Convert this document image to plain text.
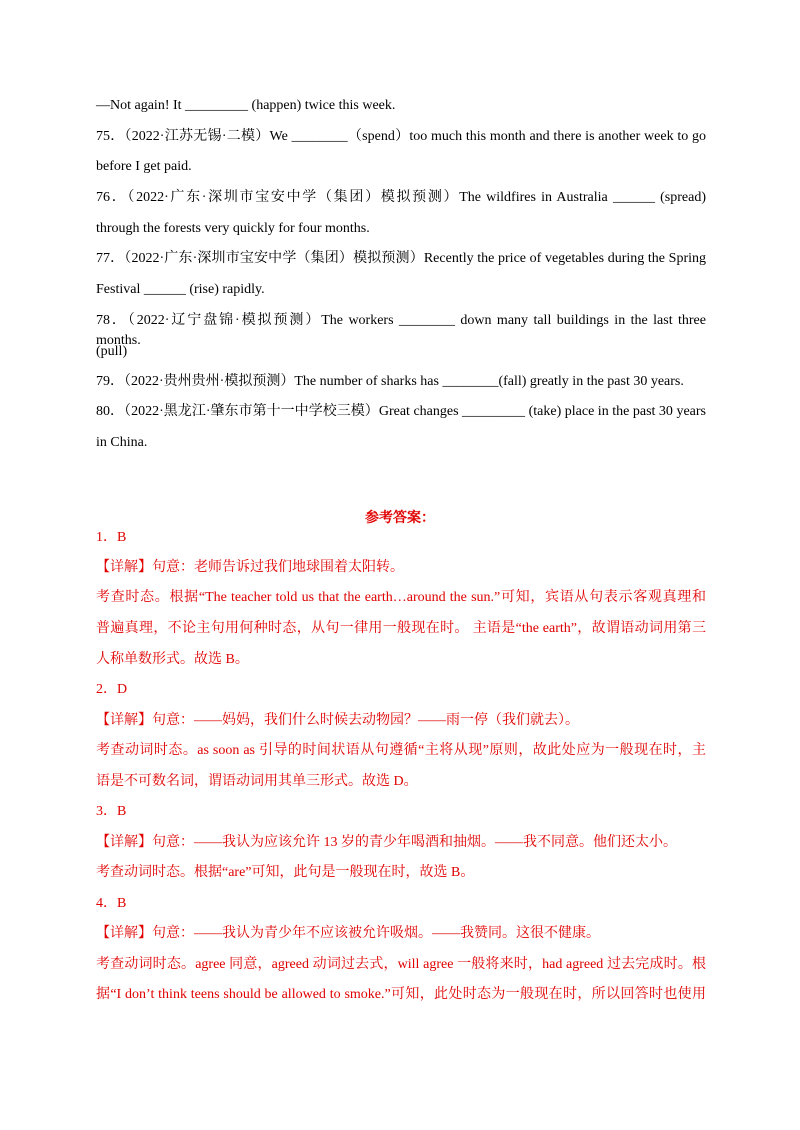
—Not again! It _________ (happen) twice this week.
75．（2022·江苏无锡·二模）We ________（spend）too much this month and there is another week to go
before I get paid.
76．（2022·广东·深圳市宝安中学（集团）模拟预测）The wildfires in Australia ______ (spread)
through the forests very quickly for four months.
77．（2022·广东·深圳市宝安中学（集团）模拟预测）Recently the price of vegetables during the Spring
Festival ______ (rise) rapidly.
78．（2022·辽宁盘锦·模拟预测）The workers ________ down many tall buildings in the last three months.
(pull)
79．（2022·贵州贵州·模拟预测）The number of sharks has ________(fall) greatly in the past 30 years.
80．（2022·黑龙江·肇东市第十一中学校三模）Great changes _________ (take) place in the past 30 years
in China.
参考答案：
1．B
【详解】句意：老师告诉过我们地球围着太阳转。
考查时态。根据“The teacher told us that the earth…around the sun.”可知，宾语从句表示客观真理和
普遍真理，不论主句用何种时态，从句一律用一般现在时。 主语是“the earth”，故谓语动词用第三
人称单数形式。故选 B。
2．D
【详解】句意：——妈妈，我们什么时候去动物园？——雨一停（我们就去）。
考查动词时态。as soon as 引导的时间状语从句遵循“主将从现”原则，故此处应为一般现在时，主
语是不可数名词，谓语动词用其单三形式。故选 D。
3．B
【详解】句意：——我认为应该允许 13 岁的青少年喝酒和抽烟。——我不同意。他们还太小。
考查动词时态。根据“are”可知，此句是一般现在时，故选 B。
4．B
【详解】句意：——我认为青少年不应该被允许吸烟。——我赞同。这很不健康。
考查动词时态。agree 同意，agreed 动词过去式，will agree 一般将来时，had agreed 过去完成时。根
据“I don’t think teens should be allowed to smoke.”可知，此处时态为一般现在时，所以回答时也使用
